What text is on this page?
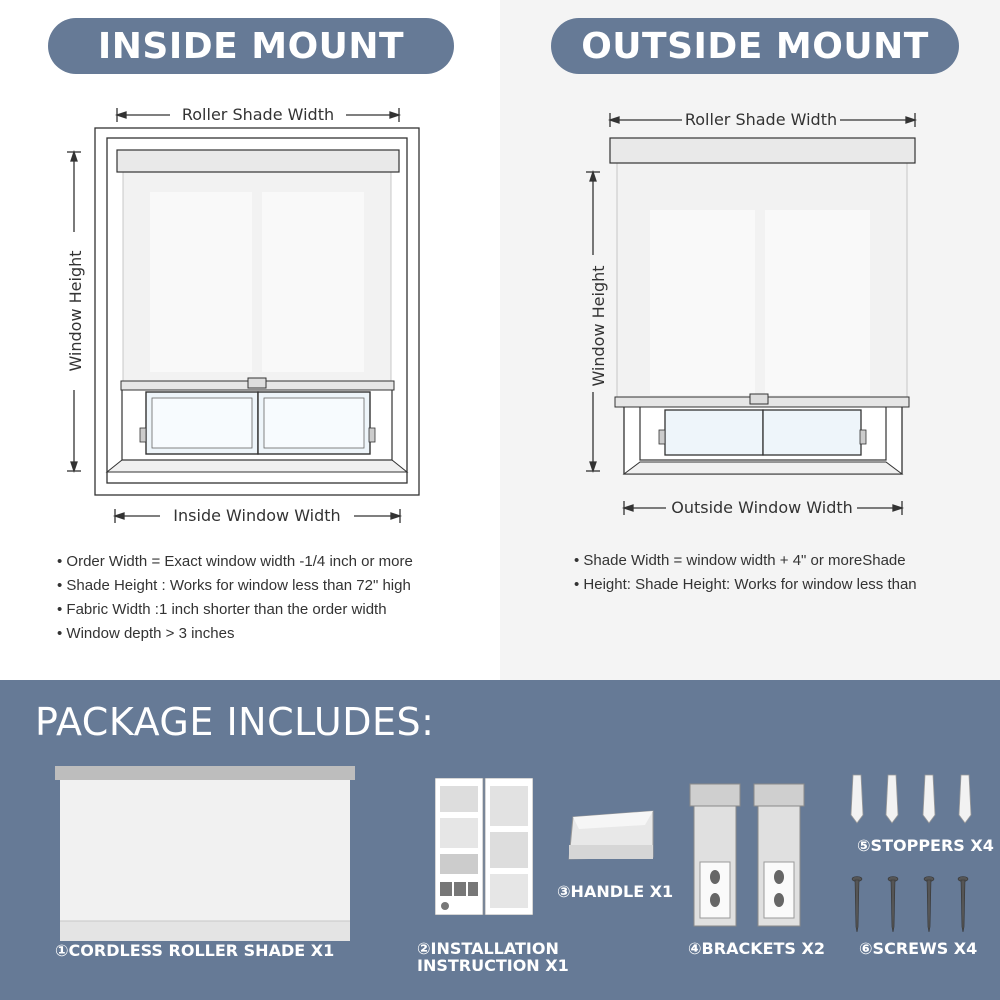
INSIDE MOUNT
Roller Shade Width
Window Height
Inside Window Width
• Order Width = Exact window width -1/4 inch or more
• Shade Height : Works for window less than 72" high
• Fabric Width :1 inch shorter than the order width
• Window depth > 3 inches
OUTSIDE MOUNT
Roller Shade Width
Window Height
Outside Window Width
• Shade Width = window width + 4" or moreShade
• Height: Shade Height: Works for window less than
PACKAGE INCLUDES:
①CORDLESS ROLLER SHADE X1	②INSTALLATION
INSTRUCTION X1
③HANDLE X1
④BRACKETS X2
⑤STOPPERS X4
⑥SCREWS X4
